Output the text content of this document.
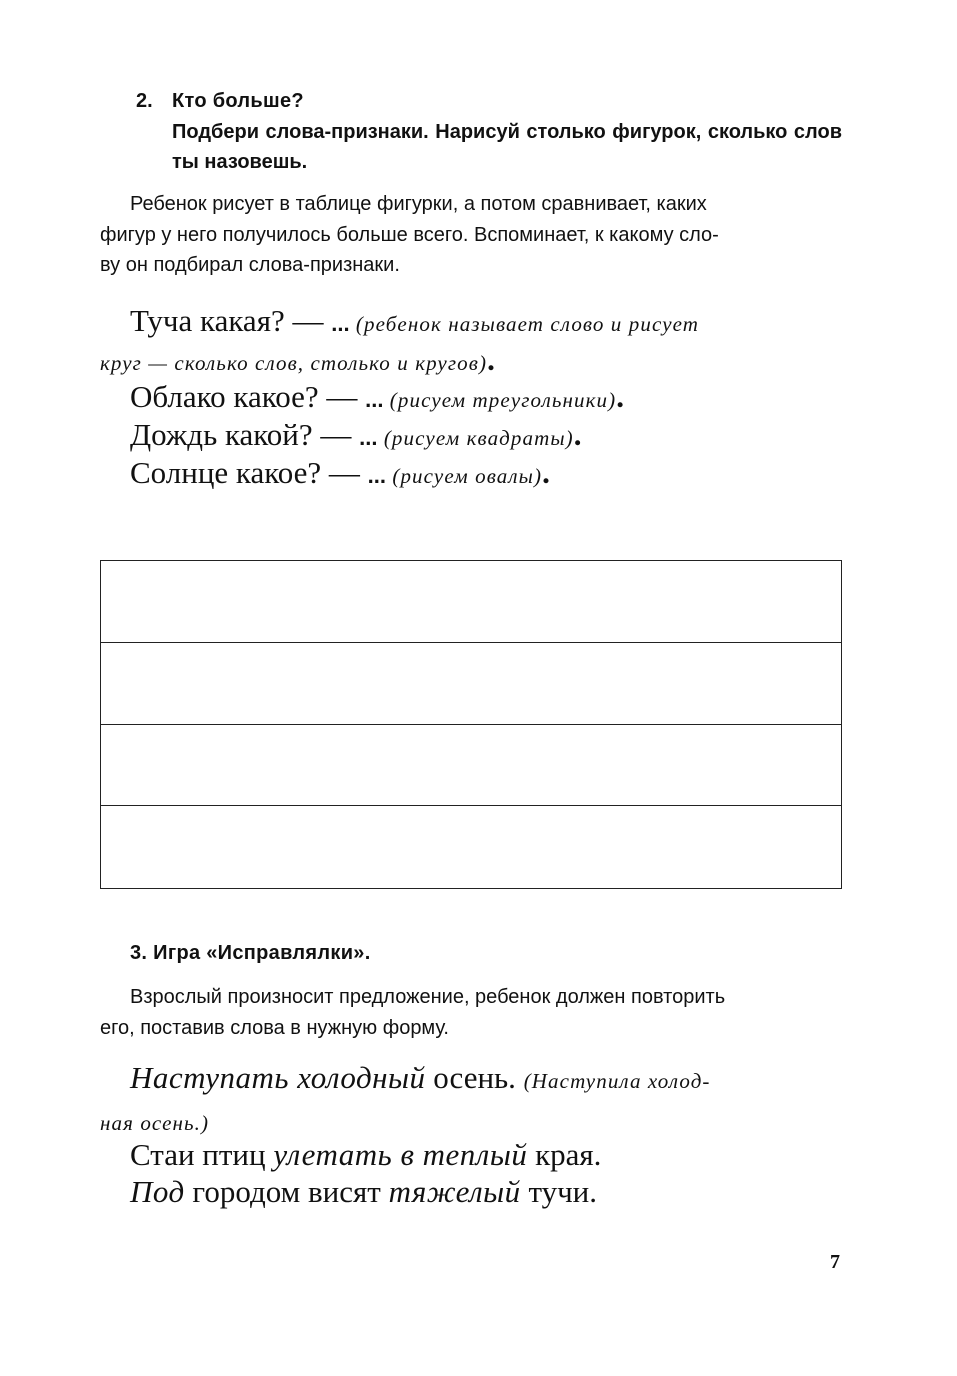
2. Кто больше?
Подбери слова-признаки. Нарисуй столько фигурок, сколько слов ты назовешь.
Ребенок рисует в таблице фигурки, а потом сравнивает, каких
фигур у него получилось больше всего. Вспоминает, к какому сло-
ву он подбирал слова-признаки.
Туча какая? — ... (ребенок называет слово и рисует
круг — сколько слов, столько и кругов).
Облако какое? — ... (рисуем треугольники).
Дождь какой? — ... (рисуем квадраты).
Солнце какое? — ... (рисуем овалы).
3. Игра «Исправлялки».
Взрослый произносит предложение, ребенок должен повторить
его, поставив слова в нужную форму.
Наступать холодный осень. (Наступила холод-
ная осень.)
Стаи птиц улетать в теплый края.
Под городом висят тяжелый тучи.
7
